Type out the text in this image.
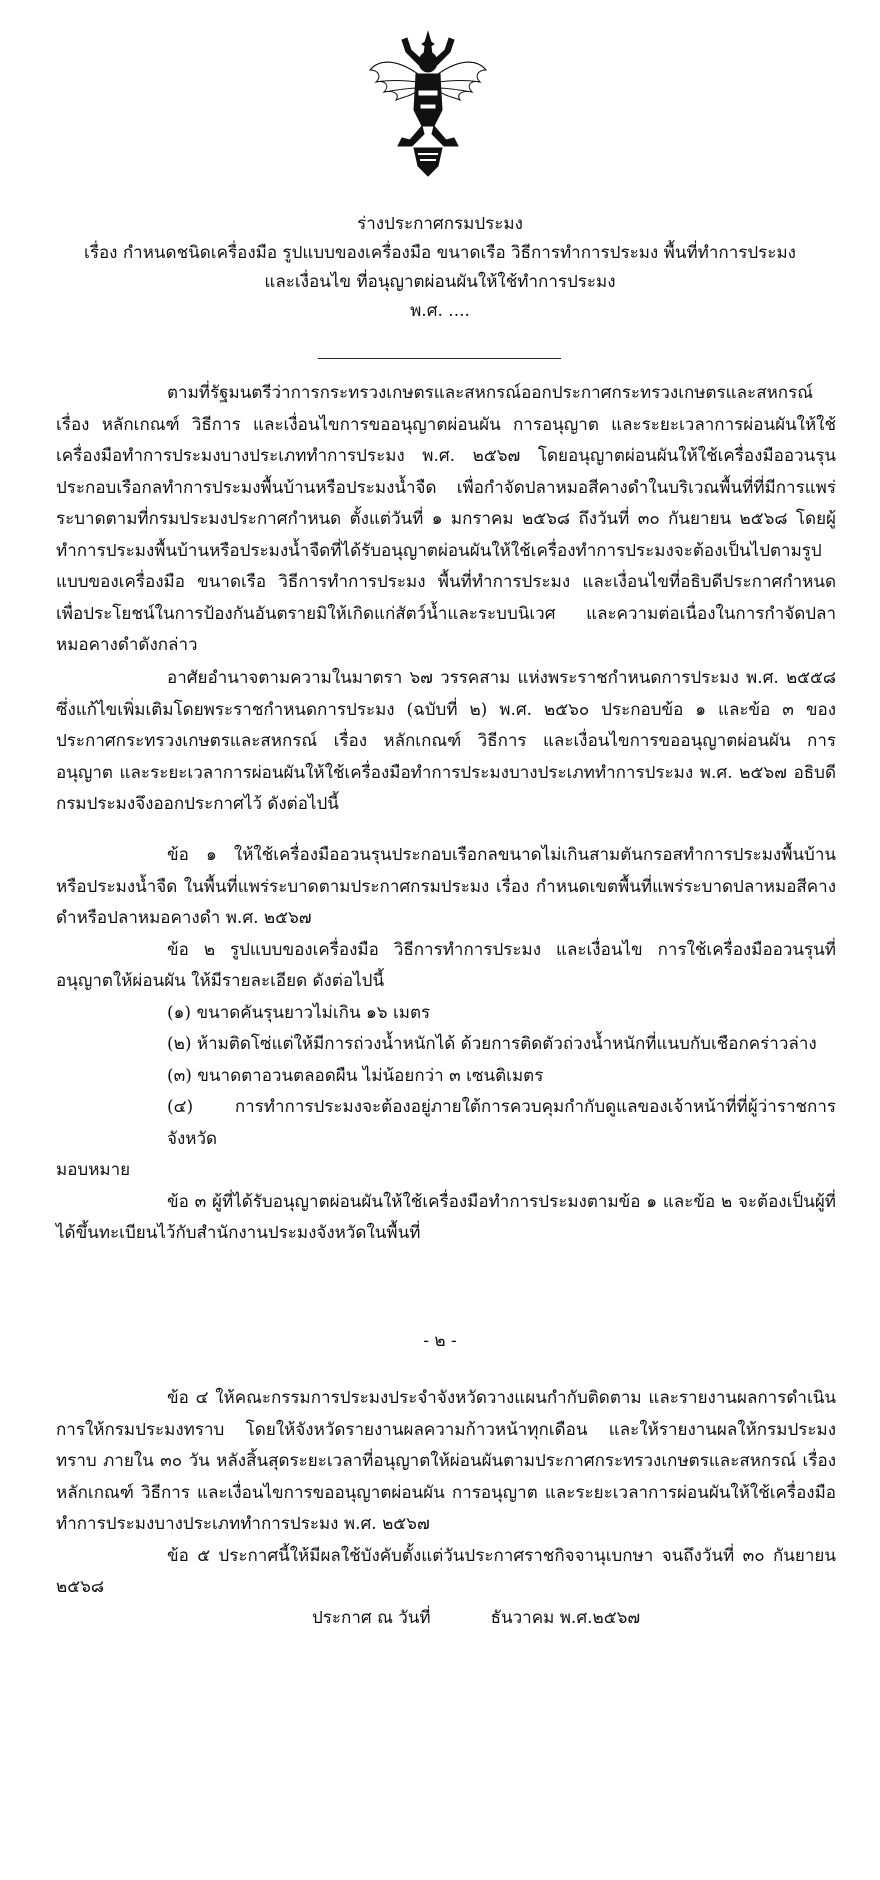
ร่างประกาศกรมประมง
เรื่อง กำหนดชนิดเครื่องมือ รูปแบบของเครื่องมือ ขนาดเรือ วิธีการทำการประมง พื้นที่ทำการประมง
และเงื่อนไข ที่อนุญาตผ่อนผันให้ใช้ทำการประมง
พ.ศ. ....

ตามที่รัฐมนตรีว่าการกระทรวงเกษตรและสหกรณ์ออกประกาศกระทรวงเกษตรและสหกรณ์ เรื่อง หลักเกณฑ์ วิธีการ และเงื่อนไขการขออนุญาตผ่อนผัน การอนุญาต และระยะเวลาการผ่อนผันให้ใช้เครื่องมือทำการประมงบางประเภททำการประมง พ.ศ. ๒๕๖๗ โดยอนุญาตผ่อนผันให้ใช้เครื่องมืออวนรุนประกอบเรือกลทำการประมงพื้นบ้านหรือประมงน้ำจืด เพื่อกำจัดปลาหมอสีคางดำในบริเวณพื้นที่ที่มีการแพร่ระบาดตามที่กรมประมงประกาศกำหนด ตั้งแต่วันที่ ๑ มกราคม ๒๕๖๘ ถึงวันที่ ๓๐ กันยายน ๒๕๖๘ โดยผู้ทำการประมงพื้นบ้านหรือประมงน้ำจืดที่ได้รับอนุญาตผ่อนผันให้ใช้เครื่องทำการประมงจะต้องเป็นไปตามรูปแบบของเครื่องมือ ขนาดเรือ วิธีการทำการประมง พื้นที่ทำการประมง และเงื่อนไขที่อธิบดีประกาศกำหนด เพื่อประโยชน์ในการป้องกันอันตรายมิให้เกิดแก่สัตว์น้ำและระบบนิเวศ และความต่อเนื่องในการกำจัดปลาหมอคางดำดังกล่าว

อาศัยอำนาจตามความในมาตรา ๖๗ วรรคสาม แห่งพระราชกำหนดการประมง พ.ศ. ๒๕๕๘ ซึ่งแก้ไขเพิ่มเติมโดยพระราชกำหนดการประมง (ฉบับที่ ๒) พ.ศ. ๒๕๖๐ ประกอบข้อ ๑ และข้อ ๓ ของประกาศกระทรวงเกษตรและสหกรณ์ เรื่อง หลักเกณฑ์ วิธีการ และเงื่อนไขการขออนุญาตผ่อนผัน การอนุญาต และระยะเวลาการผ่อนผันให้ใช้เครื่องมือทำการประมงบางประเภททำการประมง พ.ศ. ๒๕๖๗ อธิบดีกรมประมงจึงออกประกาศไว้ ดังต่อไปนี้

ข้อ ๑ ให้ใช้เครื่องมืออวนรุนประกอบเรือกลขนาดไม่เกินสามตันกรอสทำการประมงพื้นบ้านหรือประมงน้ำจืด ในพื้นที่แพร่ระบาดตามประกาศกรมประมง เรื่อง กำหนดเขตพื้นที่แพร่ระบาดปลาหมอสีคางดำหรือปลาหมอคางดำ พ.ศ. ๒๕๖๗

ข้อ ๒ รูปแบบของเครื่องมือ วิธีการทำการประมง และเงื่อนไข การใช้เครื่องมืออวนรุนที่อนุญาตให้ผ่อนผัน ให้มีรายละเอียด ดังต่อไปนี้

(๑) ขนาดคันรุนยาวไม่เกิน ๑๖ เมตร

(๒) ห้ามติดโซ่แต่ให้มีการถ่วงน้ำหนักได้ ด้วยการติดตัวถ่วงน้ำหนักที่แนบกับเชือกคร่าวล่าง

(๓) ขนาดตาอวนตลอดผืน ไม่น้อยกว่า ๓ เซนติเมตร

(๔) การทำการประมงจะต้องอยู่ภายใต้การควบคุมกำกับดูแลของเจ้าหน้าที่ที่ผู้ว่าราชการจังหวัด

มอบหมาย

ข้อ ๓ ผู้ที่ได้รับอนุญาตผ่อนผันให้ใช้เครื่องมือทำการประมงตามข้อ ๑ และข้อ ๒ จะต้องเป็นผู้ที่ได้ขึ้นทะเบียนไว้กับสำนักงานประมงจังหวัดในพื้นที่

- ๒ -

ข้อ ๔ ให้คณะกรรมการประมงประจำจังหวัดวางแผนกำกับติดตาม และรายงานผลการดำเนินการให้กรมประมงทราบ โดยให้จังหวัดรายงานผลความก้าวหน้าทุกเดือน และให้รายงานผลให้กรมประมงทราบ ภายใน ๓๐ วัน หลังสิ้นสุดระยะเวลาที่อนุญาตให้ผ่อนผันตามประกาศกระทรวงเกษตรและสหกรณ์ เรื่อง หลักเกณฑ์ วิธีการ และเงื่อนไขการขออนุญาตผ่อนผัน การอนุญาต และระยะเวลาการผ่อนผันให้ใช้เครื่องมือทำการประมงบางประเภททำการประมง พ.ศ. ๒๕๖๗

ข้อ ๕ ประกาศนี้ให้มีผลใช้บังคับตั้งแต่วันประกาศราชกิจจานุเบกษา จนถึงวันที่ ๓๐ กันยายน ๒๕๖๘

ประกาศ ณ วันที่	ธันวาคม พ.ศ.๒๕๖๗
